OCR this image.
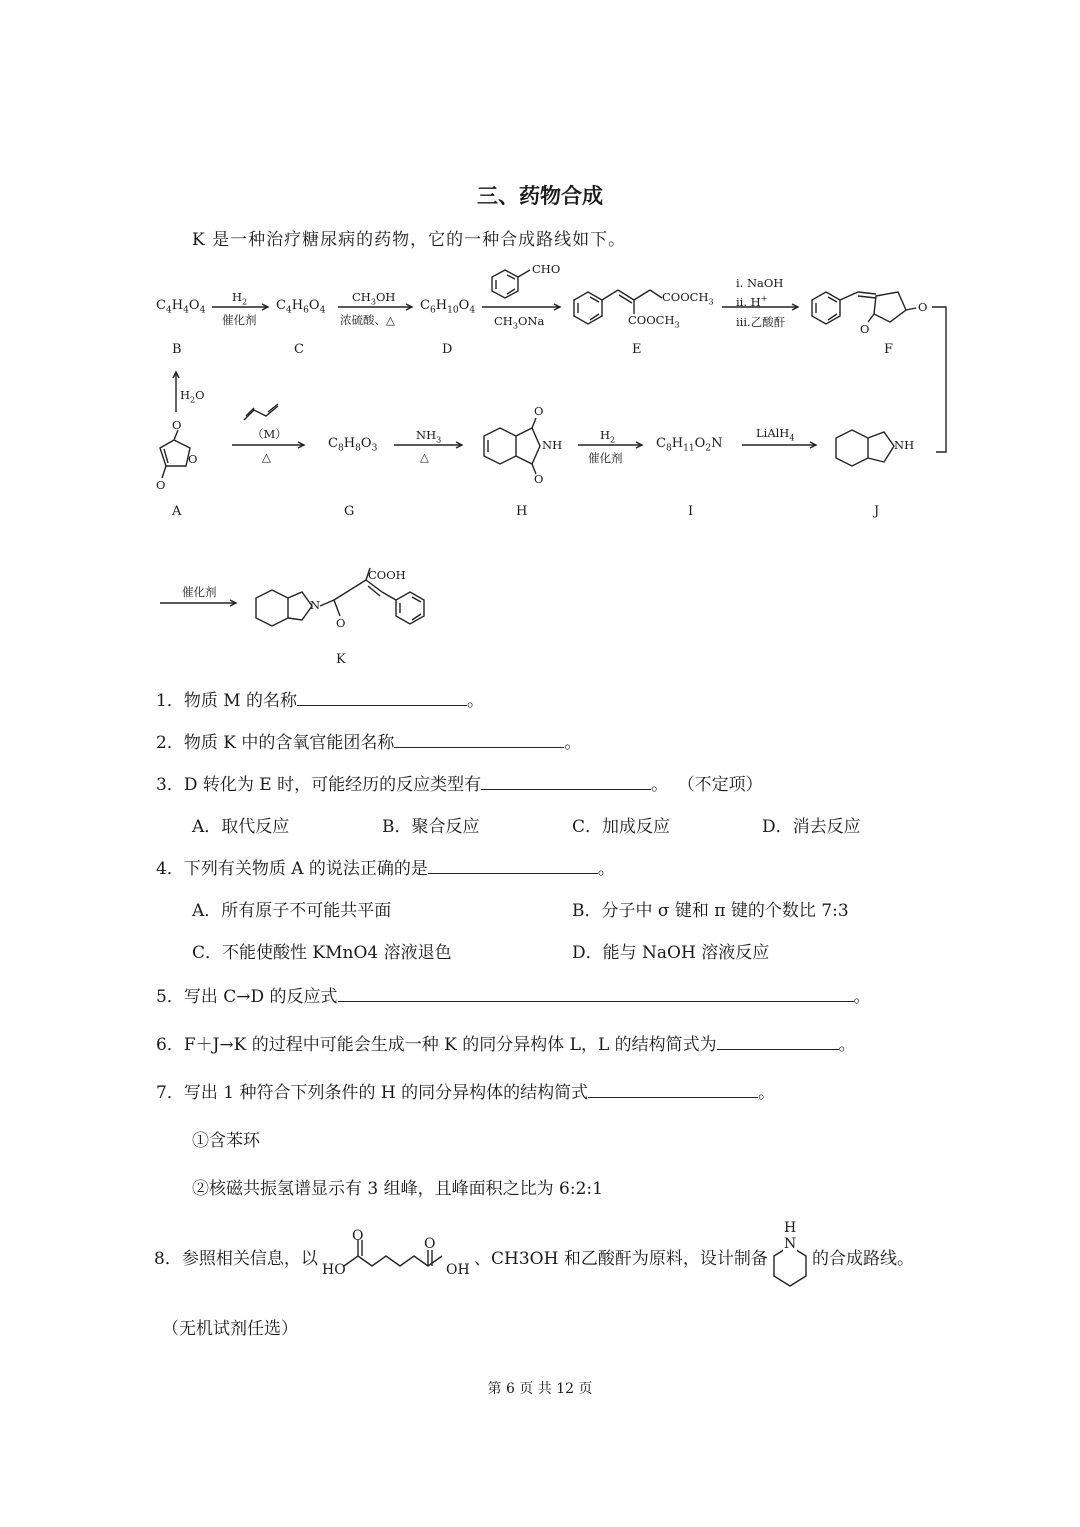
三、药物合成
K 是一种治疗糖尿病的药物，它的一种合成路线如下。
$C_4H_4O_4$
B
$H_2$
催化剂
$C_4H_6O_4$
C
$CH_3OH$
浓硫酸、△
$C_6H_{10}O_4$
D
CHO
$CH_3ONa$
$COOCH_3$
$COOCH_3$
E
i. NaOH
ii. H+
iii.乙酸酐
O
O
F
$H_2O$
O
O
O
A
（M）
△
$C_8H_8O_3$
G
$NH_3$
△
O
NH
O
H
$H_2$
催化剂
$C_8H_{11}O_2N$
I
LiAlH$_4$
NH
J
催化剂
COOH
N
O
K
1．物质 M 的名称	。
2．物质 K 中的含氧官能团名称	。
3．D 转化为 E 时，可能经历的反应类型有	。 （不定项）
A．取代反应	B．聚合反应	C．加成反应	D．消去反应
4．下列有关物质 A 的说法正确的是	。
A．所有原子不可能共平面	B．分子中 σ 键和 π 键的个数比 7:3
C．不能使酸性 KMnO4 溶液退色	D．能与 NaOH 溶液反应
5．写出 C→D 的反应式	。
6．F＋J→K 的过程中可能会生成一种 K 的同分异构体 L，L 的结构简式为	。
7．写出 1 种符合下列条件的 H 的同分异构体的结构简式	。
①含苯环
②核磁共振氢谱显示有 3 组峰，且峰面积之比为 6:2:1
8．参照相关信息，以
HO	OH
O	O
、CH3OH 和乙酸酐为原料，设计制备
H
N
的合成路线。
（无机试剂任选）
第 6 页 共 12 页
